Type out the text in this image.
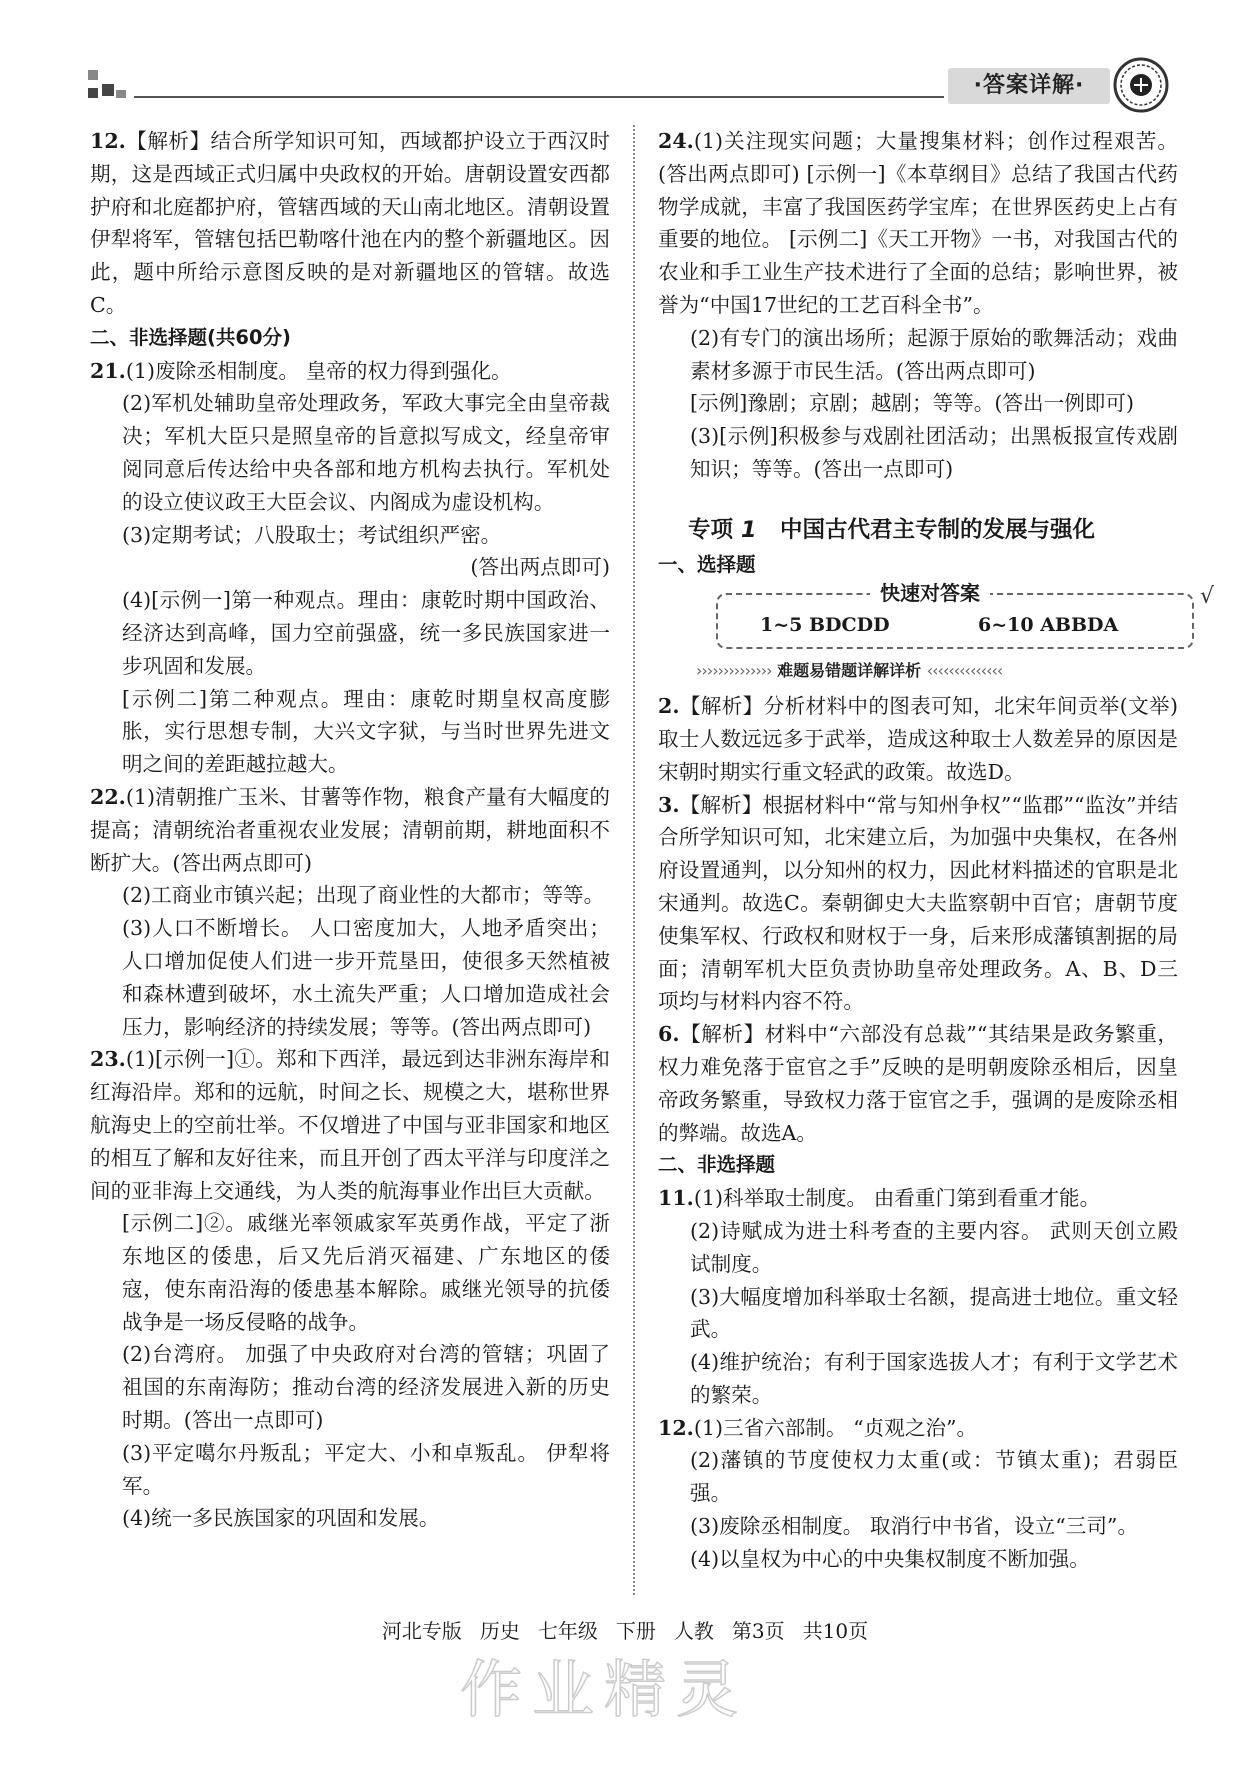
·答案详解·

12.【解析】结合所学知识可知，西域都护设立于西汉时期，这是西域正式归属中央政权的开始。唐朝设置安西都护府和北庭都护府，管辖西域的天山南北地区。清朝设置伊犁将军，管辖包括巴勒喀什池在内的整个新疆地区。因此，题中所给示意图反映的是对新疆地区的管辖。故选C。

二、非选择题(共60分)

21.(1)废除丞相制度。 皇帝的权力得到强化。

(2)军机处辅助皇帝处理政务，军政大事完全由皇帝裁决；军机大臣只是照皇帝的旨意拟写成文，经皇帝审阅同意后传达给中央各部和地方机构去执行。军机处的设立使议政王大臣会议、内阁成为虚设机构。

(3)定期考试；八股取士；考试组织严密。

(答出两点即可)

(4)[示例一]第一种观点。理由：康乾时期中国政治、经济达到高峰，国力空前强盛，统一多民族国家进一步巩固和发展。

[示例二]第二种观点。理由：康乾时期皇权高度膨胀，实行思想专制，大兴文字狱，与当时世界先进文明之间的差距越拉越大。

22.(1)清朝推广玉米、甘薯等作物，粮食产量有大幅度的提高；清朝统治者重视农业发展；清朝前期，耕地面积不断扩大。(答出两点即可)

(2)工商业市镇兴起；出现了商业性的大都市；等等。

(3)人口不断增长。 人口密度加大，人地矛盾突出；人口增加促使人们进一步开荒垦田，使很多天然植被和森林遭到破坏，水土流失严重；人口增加造成社会压力，影响经济的持续发展；等等。(答出两点即可)

23.(1)[示例一]①。郑和下西洋，最远到达非洲东海岸和红海沿岸。郑和的远航，时间之长、规模之大，堪称世界航海史上的空前壮举。不仅增进了中国与亚非国家和地区的相互了解和友好往来，而且开创了西太平洋与印度洋之间的亚非海上交通线，为人类的航海事业作出巨大贡献。

[示例二]②。戚继光率领戚家军英勇作战，平定了浙东地区的倭患，后又先后消灭福建、广东地区的倭寇，使东南沿海的倭患基本解除。戚继光领导的抗倭战争是一场反侵略的战争。

(2)台湾府。 加强了中央政府对台湾的管辖；巩固了祖国的东南海防；推动台湾的经济发展进入新的历史时期。(答出一点即可)

(3)平定噶尔丹叛乱；平定大、小和卓叛乱。 伊犁将军。

(4)统一多民族国家的巩固和发展。

24.(1)关注现实问题；大量搜集材料；创作过程艰苦。(答出两点即可) [示例一]《本草纲目》总结了我国古代药物学成就，丰富了我国医药学宝库；在世界医药史上占有重要的地位。 [示例二]《天工开物》一书，对我国古代的农业和手工业生产技术进行了全面的总结；影响世界，被誉为“中国17世纪的工艺百科全书”。

(2)有专门的演出场所；起源于原始的歌舞活动；戏曲素材多源于市民生活。(答出两点即可)

[示例]豫剧；京剧；越剧；等等。(答出一例即可)

(3)[示例]积极参与戏剧社团活动；出黑板报宣传戏剧知识；等等。(答出一点即可)

专项 1 中国古代君主专制的发展与强化

一、选择题

快速对答案
1~5 BDCDD	6~10 ABBDA
√

›››››››››››››› 难题易错题详解详析 ‹‹‹‹‹‹‹‹‹‹‹‹‹‹

2.【解析】分析材料中的图表可知，北宋年间贡举(文举)取士人数远远多于武举，造成这种取士人数差异的原因是宋朝时期实行重文轻武的政策。故选D。

3.【解析】根据材料中“常与知州争权”“监郡”“监汝”并结合所学知识可知，北宋建立后，为加强中央集权，在各州府设置通判，以分知州的权力，因此材料描述的官职是北宋通判。故选C。秦朝御史大夫监察朝中百官；唐朝节度使集军权、行政权和财权于一身，后来形成藩镇割据的局面；清朝军机大臣负责协助皇帝处理政务。A、B、D三项均与材料内容不符。

6.【解析】材料中“六部没有总裁”“其结果是政务繁重，权力难免落于宦官之手”反映的是明朝废除丞相后，因皇帝政务繁重，导致权力落于宦官之手，强调的是废除丞相的弊端。故选A。

二、非选择题

11.(1)科举取士制度。 由看重门第到看重才能。

(2)诗赋成为进士科考查的主要内容。 武则天创立殿试制度。

(3)大幅度增加科举取士名额，提高进士地位。重文轻武。

(4)维护统治；有利于国家选拔人才；有利于文学艺术的繁荣。

12.(1)三省六部制。 “贞观之治”。

(2)藩镇的节度使权力太重(或：节镇太重)；君弱臣强。

(3)废除丞相制度。 取消行中书省，设立“三司”。

(4)以皇权为中心的中央集权制度不断加强。

河北专版 历史 七年级 下册 人教 第3页 共10页
作业精灵
